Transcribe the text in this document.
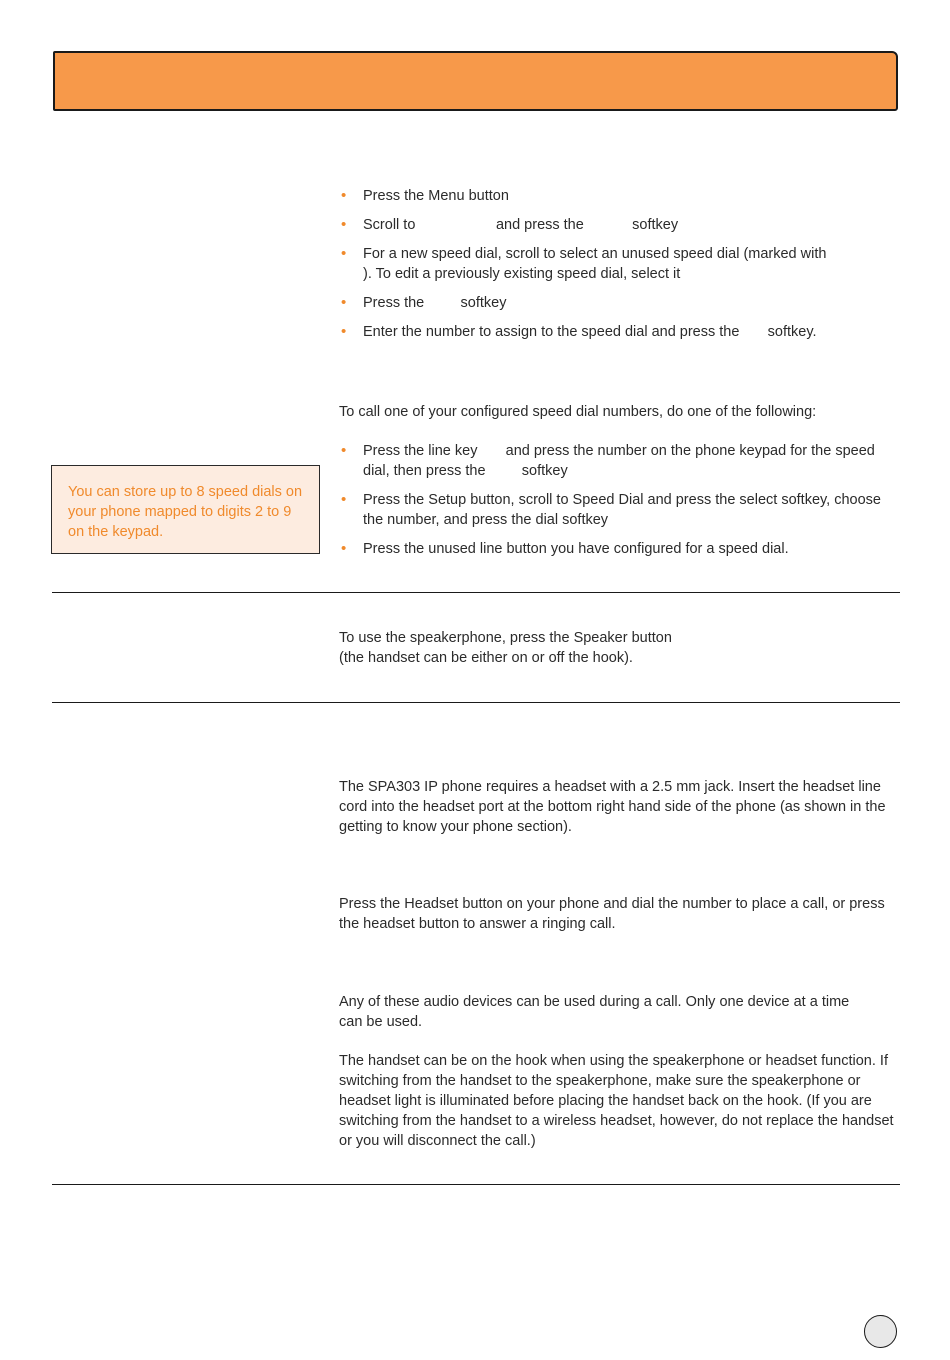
• Press the Menu button
• Scroll to                    and press the            softkey
• For a new speed dial, scroll to select an unused speed dial (marked with                        ). To edit a previously existing speed dial, select it
• Press the         softkey
• Enter the number to assign to the speed dial and press the       softkey.

To call one of your configured speed dial numbers, do one of the following:

• Press the line key       and press the number on the phone keypad for the speed dial, then press the         softkey
• Press the Setup button, scroll to Speed Dial and press the select softkey, choose the number, and press the dial softkey
• Press the unused line button you have configured for a speed dial.
You can store up to 8 speed dials on your phone mapped to digits 2 to 9 on the keypad.

To use the speakerphone, press the Speaker button

(the handset can be either on or off the hook).

The SPA303 IP phone requires a headset with a 2.5 mm jack. Insert the headset line cord into the headset port at the bottom right hand side of the phone (as shown in the getting to know your phone section).

Press the Headset button on your phone and dial the number to place a call, or press the headset button to answer a ringing call.

Any of these audio devices can be used during a call. Only one device at a time

can be used.

The handset can be on the hook when using the speakerphone or headset function. If switching from the handset to the speakerphone, make sure the speakerphone or headset light is illuminated before placing the handset back on the hook. (If you are switching from the handset to a wireless headset, however, do not replace the handset or you will disconnect the call.)
